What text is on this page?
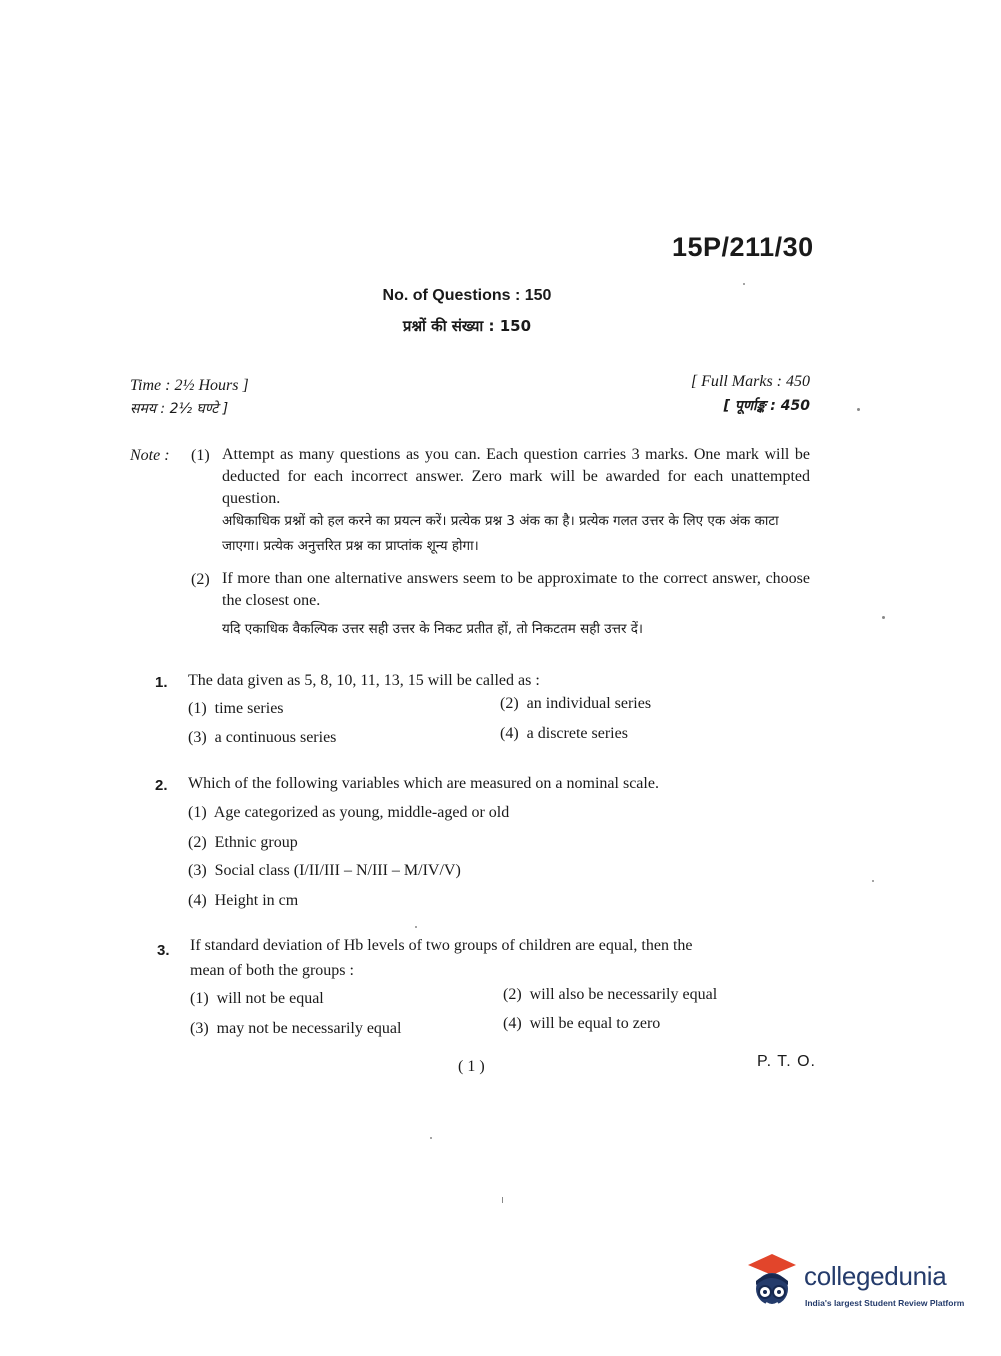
15P/211/30
No. of Questions : 150
प्रश्नों की संख्या : 150
Time : 2½ Hours ]
समय : 2½ घण्टे ]
[ Full Marks : 450
[ पूर्णाङ्क : 450
Note : (1) Attempt as many questions as you can. Each question carries 3 marks. One mark will be deducted for each incorrect answer. Zero mark will be awarded for each unattempted question.
अधिकाधिक प्रश्नों को हल करने का प्रयत्न करें। प्रत्येक प्रश्न 3 अंक का है। प्रत्येक गलत उत्तर के लिए एक अंक काटा जाएगा। प्रत्येक अनुत्तरित प्रश्न का प्राप्तांक शून्य होगा।
(2) If more than one alternative answers seem to be approximate to the correct answer, choose the closest one.
यदि एकाधिक वैकल्पिक उत्तर सही उत्तर के निकट प्रतीत हों, तो निकटतम सही उत्तर दें।
1. The data given as 5, 8, 10, 11, 13, 15 will be called as :
(1) time series	(2) an individual series
(3) a continuous series	(4) a discrete series
2. Which of the following variables which are measured on a nominal scale.
(1) Age categorized as young, middle-aged or old
(2) Ethnic group
(3) Social class (I/II/III – N/III – M/IV/V)
(4) Height in cm
3. If standard deviation of Hb levels of two groups of children are equal, then the
mean of both the groups :
(1) will not be equal	(2) will also be necessarily equal
(3) may not be necessarily equal	(4) will be equal to zero
( 1 )	P. T. O.
collegedunia
India's largest Student Review Platform
